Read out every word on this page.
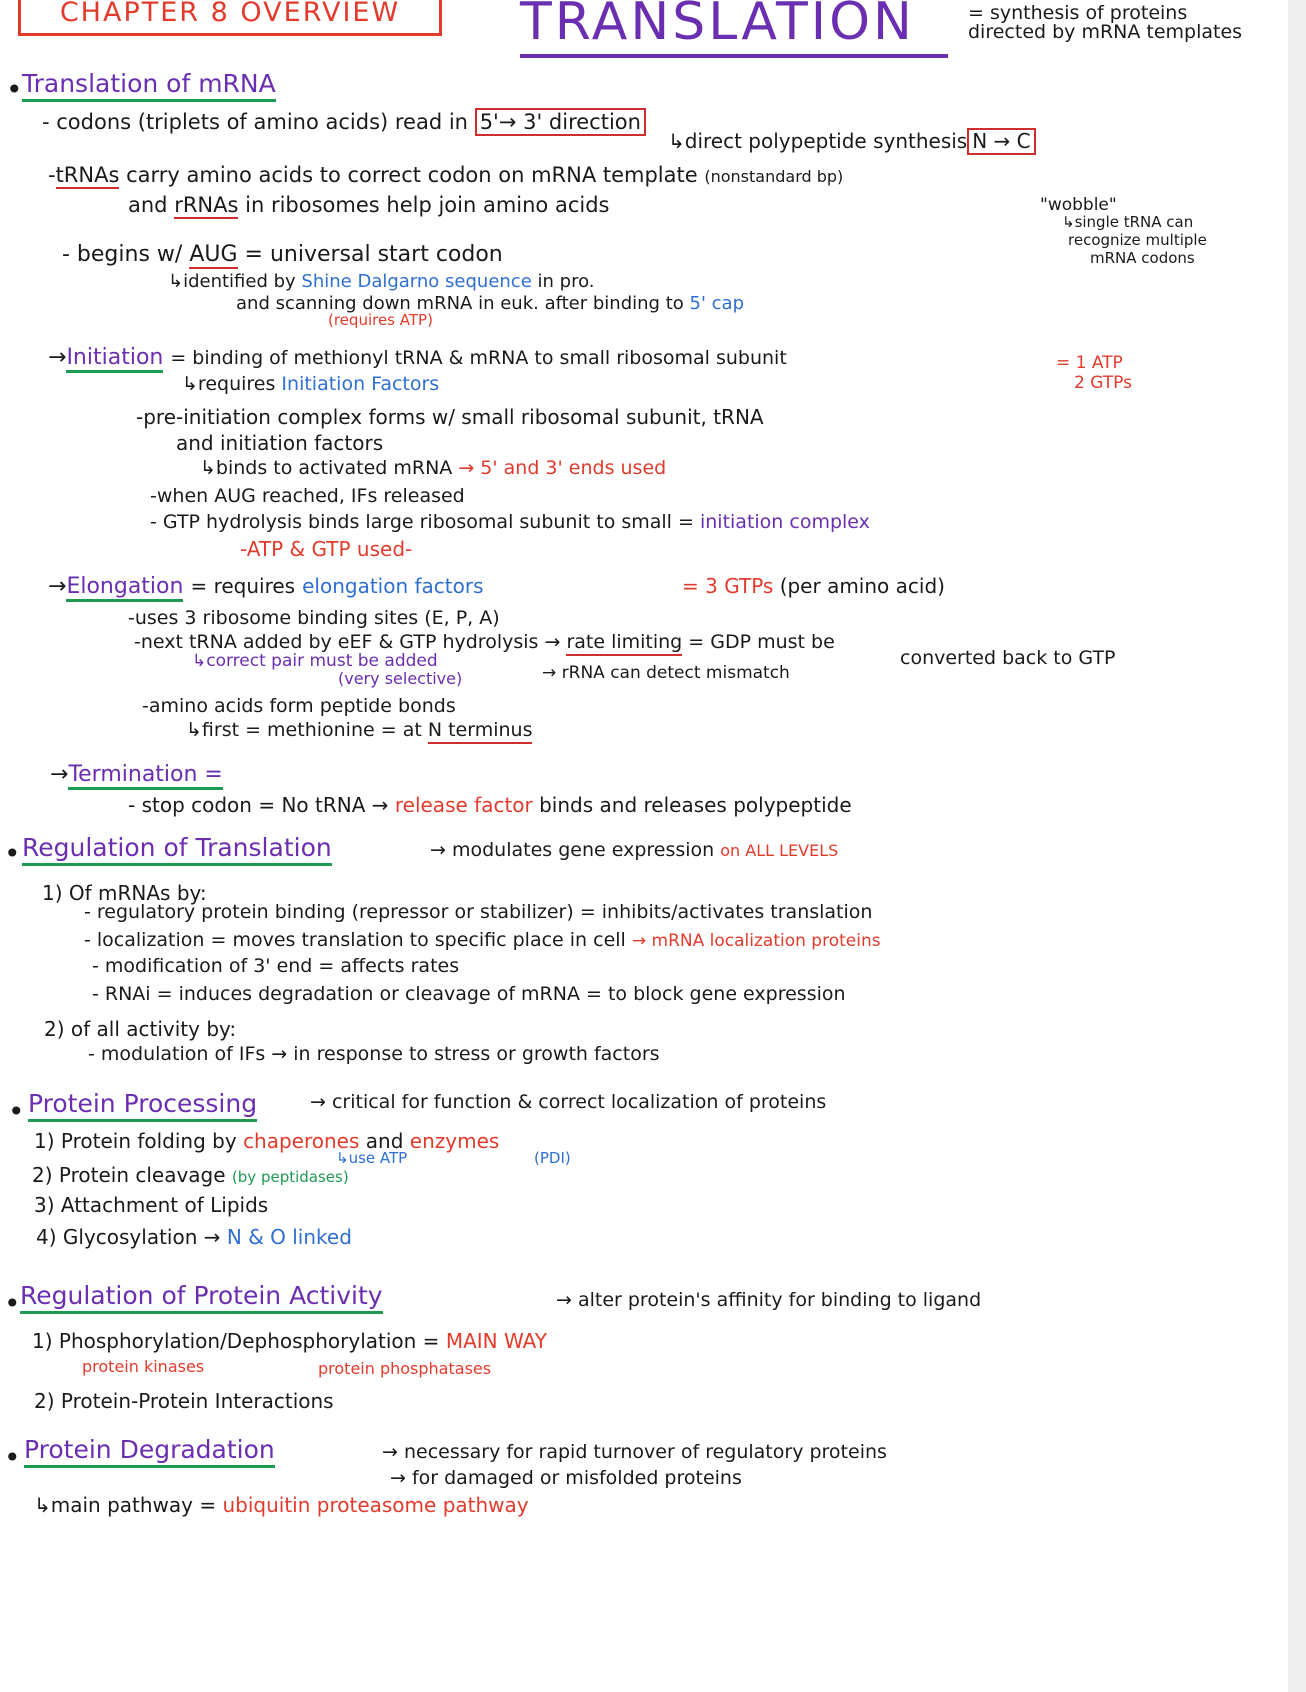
CHAPTER 8 OVERVIEW	TRANSLATION	= synthesis of proteins directed by mRNA templates
• Translation of mRNA
- codons (triplets of amino acids) read in 5'→ 3' direction
↳direct polypeptide synthesis N → C
-tRNAs carry amino acids to correct codon on mRNA template (nonstandard bp)
and rRNAs in ribosomes help join amino acids	"wobble"
↳single tRNA can
recognize multiple
mRNA codons
- begins w/ AUG = universal start codon
↳identified by Shine Dalgarno sequence in pro.
and scanning down mRNA in euk. after binding to 5' cap
(requires ATP)
→Initiation = binding of methionyl tRNA & mRNA to small ribosomal subunit	= 1 ATP
2 GTPs
↳requires Initiation Factors
-pre-initiation complex forms w/ small ribosomal subunit, tRNA
and initiation factors
↳binds to activated mRNA → 5' and 3' ends used
-when AUG reached, IFs released
- GTP hydrolysis binds large ribosomal subunit to small = initiation complex
-ATP & GTP used-
→Elongation = requires elongation factors	= 3 GTPs (per amino acid)
-uses 3 ribosome binding sites (E, P, A)
-next tRNA added by eEF & GTP hydrolysis → rate limiting = GDP must be
converted back to GTP
↳correct pair must be added
(very selective)	→ rRNA can detect mismatch
-amino acids form peptide bonds
↳first = methionine = at N terminus
→Termination =
- stop codon = No tRNA → release factor binds and releases polypeptide
• Regulation of Translation	→ modulates gene expression on ALL LEVELS
1) Of mRNAs by:
- regulatory protein binding (repressor or stabilizer) = inhibits/activates translation
- localization = moves translation to specific place in cell → mRNA localization proteins
- modification of 3' end = affects rates
- RNAi = induces degradation or cleavage of mRNA = to block gene expression
2) of all activity by:
- modulation of IFs → in response to stress or growth factors
• Protein Processing	→ critical for function & correct localization of proteins
1) Protein folding by chaperones and enzymes
↳use ATP	(PDI)
2) Protein cleavage (by peptidases)
3) Attachment of Lipids
4) Glycosylation → N & O linked
• Regulation of Protein Activity	→ alter protein's affinity for binding to ligand
1) Phosphorylation/Dephosphorylation = MAIN WAY
protein kinases	protein phosphatases
2) Protein-Protein Interactions
• Protein Degradation	→ necessary for rapid turnover of regulatory proteins
→ for damaged or misfolded proteins
↳main pathway = ubiquitin proteasome pathway
